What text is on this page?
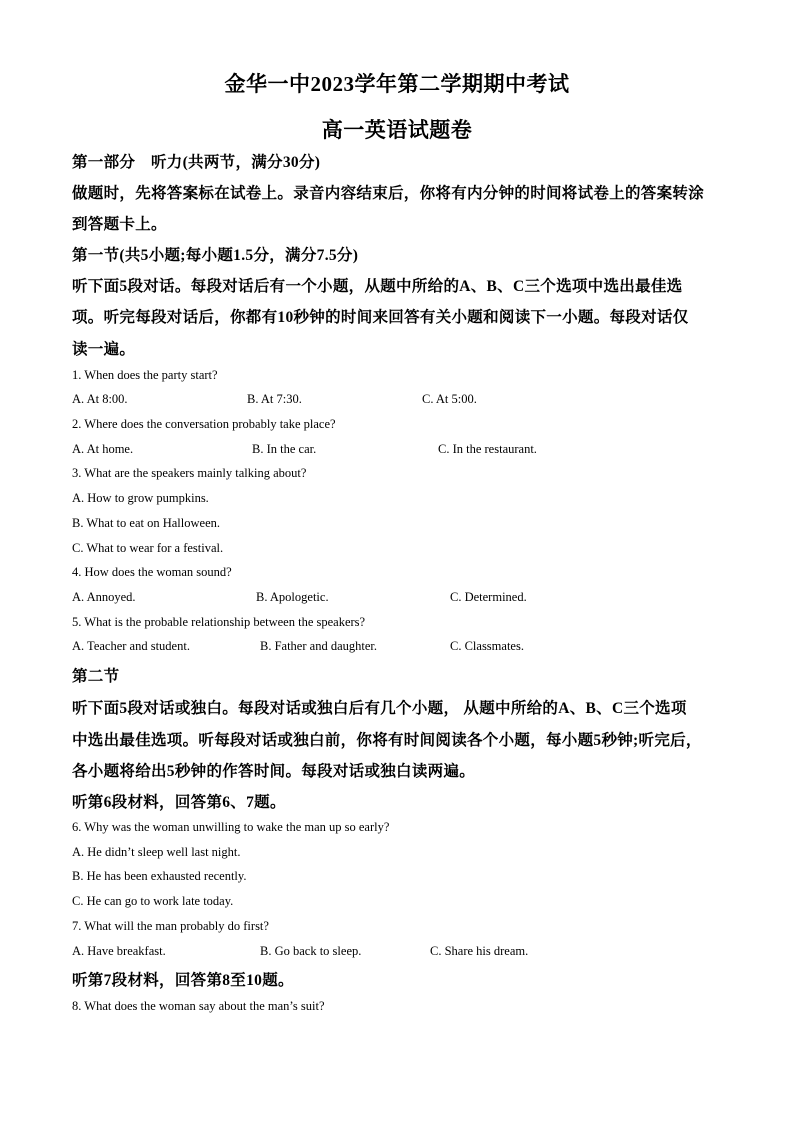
金华一中2023学年第二学期期中考试
高一英语试题卷
第一部分　听力(共两节，满分30分)
做题时，先将答案标在试卷上。录音内容结束后，你将有内分钟的时间将试卷上的答案转涂
到答题卡上。
第一节(共5小题;每小题1.5分，满分7.5分)
听下面5段对话。每段对话后有一个小题，从题中所给的A、B、C三个选项中选出最佳选
项。听完每段对话后，你都有10秒钟的时间来回答有关小题和阅读下一小题。每段对话仅
读一遍。
1. When does the party start?
A. At 8:00.	B. At 7:30.	C. At 5:00.
2. Where does the conversation probably take place?
A. At home.	B. In the car.	C. In the restaurant.
3. What are the speakers mainly talking about?
A. How to grow pumpkins.
B. What to eat on Halloween.
C. What to wear for a festival.
4. How does the woman sound?
A. Annoyed.	B. Apologetic.	C. Determined.
5. What is the probable relationship between the speakers?
A. Teacher and student.	B. Father and daughter.	C. Classmates.
第二节
听下面5段对话或独白。每段对话或独白后有几个小题， 从题中所给的A、B、C三个选项
中选出最佳选项。听每段对话或独白前，你将有时间阅读各个小题，每小题5秒钟;听完后，
各小题将给出5秒钟的作答时间。每段对话或独白读两遍。
听第6段材料，回答第6、7题。
6. Why was the woman unwilling to wake the man up so early?
A. He didn’t sleep well last night.
B. He has been exhausted recently.
C. He can go to work late today.
7. What will the man probably do first?
A. Have breakfast.	B. Go back to sleep.	C. Share his dream.
听第7段材料，回答第8至10题。
8. What does the woman say about the man’s suit?
